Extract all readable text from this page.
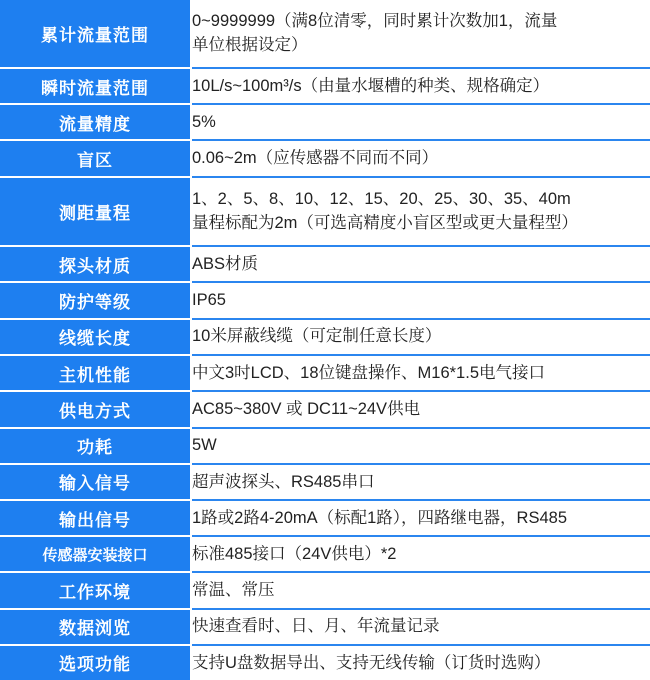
累计流量范围	0~9999999（满8位清零，同时累计次数加1，流量
单位根据设定）

瞬时流量范围	10L/s~100m³/s（由量水堰槽的种类、规格确定）

流量精度	5%

盲区	0.06~2m（应传感器不同而不同）

测距量程	1、2、5、8、10、12、15、20、25、30、35、40m
量程标配为2m（可选高精度小盲区型或更大量程型）

探头材质	ABS材质

防护等级	IP65

线缆长度	10米屏蔽线缆（可定制任意长度）

主机性能	中文3吋LCD、18位键盘操作、M16*1.5电气接口

供电方式	AC85~380V 或 DC11~24V供电

功耗	5W

输入信号	超声波探头、RS485串口

输出信号	1路或2路4-20mA（标配1路），四路继电器，RS485

传感器安装接口	标准485接口（24V供电）*2

工作环境	常温、常压

数据浏览	快速查看时、日、月、年流量记录

选项功能	支持U盘数据导出、支持无线传输（订货时选购）
